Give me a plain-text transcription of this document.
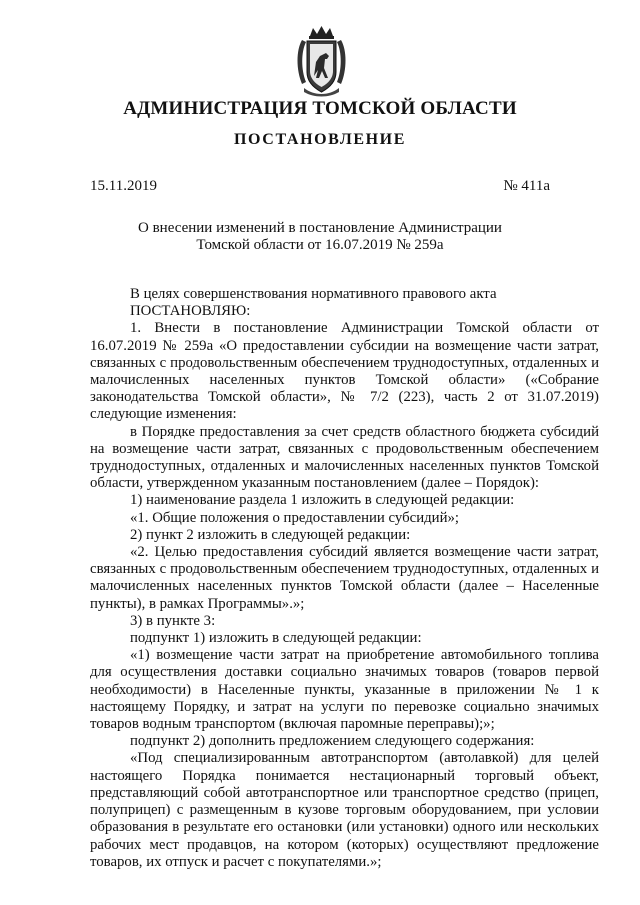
АДМИНИСТРАЦИЯ ТОМСКОЙ ОБЛАСТИ
ПОСТАНОВЛЕНИЕ
15.11.2019	№ 411а
О внесении изменений в постановление Администрации
Томской области от 16.07.2019 № 259а

В целях совершенствования нормативного правового акта

ПОСТАНОВЛЯЮ:

1. Внести в постановление Администрации Томской области от 16.07.2019 № 259а «О предоставлении субсидии на возмещение части затрат, связанных с продовольственным обеспечением труднодоступных, отдаленных и малочисленных населенных пунктов Томской области» («Собрание законодательства Томской области», № 7/2 (223), часть 2 от 31.07.2019) следующие изменения:

в Порядке предоставления за счет средств областного бюджета субсидий на возмещение части затрат, связанных с продовольственным обеспечением труднодоступных, отдаленных и малочисленных населенных пунктов Томской области, утвержденном указанным постановлением (далее – Порядок):

1) наименование раздела 1 изложить в следующей редакции:

«1. Общие положения о предоставлении субсидий»;

2) пункт 2 изложить в следующей редакции:

«2. Целью предоставления субсидий является возмещение части затрат, связанных с продовольственным обеспечением труднодоступных, отдаленных и малочисленных населенных пунктов Томской области (далее – Населенные пункты), в рамках Программы».»;

3) в пункте 3:

подпункт 1) изложить в следующей редакции:

«1) возмещение части затрат на приобретение автомобильного топлива для осуществления доставки социально значимых товаров (товаров первой необходимости) в Населенные пункты, указанные в приложении № 1 к настоящему Порядку, и затрат на услуги по перевозке социально значимых товаров водным транспортом (включая паромные переправы);»;

подпункт 2) дополнить предложением следующего содержания:

«Под специализированным автотранспортом (автолавкой) для целей настоящего Порядка понимается нестационарный торговый объект, представляющий собой автотранспортное или транспортное средство (прицеп, полуприцеп) с размещенным в кузове торговым оборудованием, при условии образования в результате его остановки (или установки) одного или нескольких рабочих мест продавцов, на котором (которых) осуществляют предложение товаров, их отпуск и расчет с покупателями.»;
